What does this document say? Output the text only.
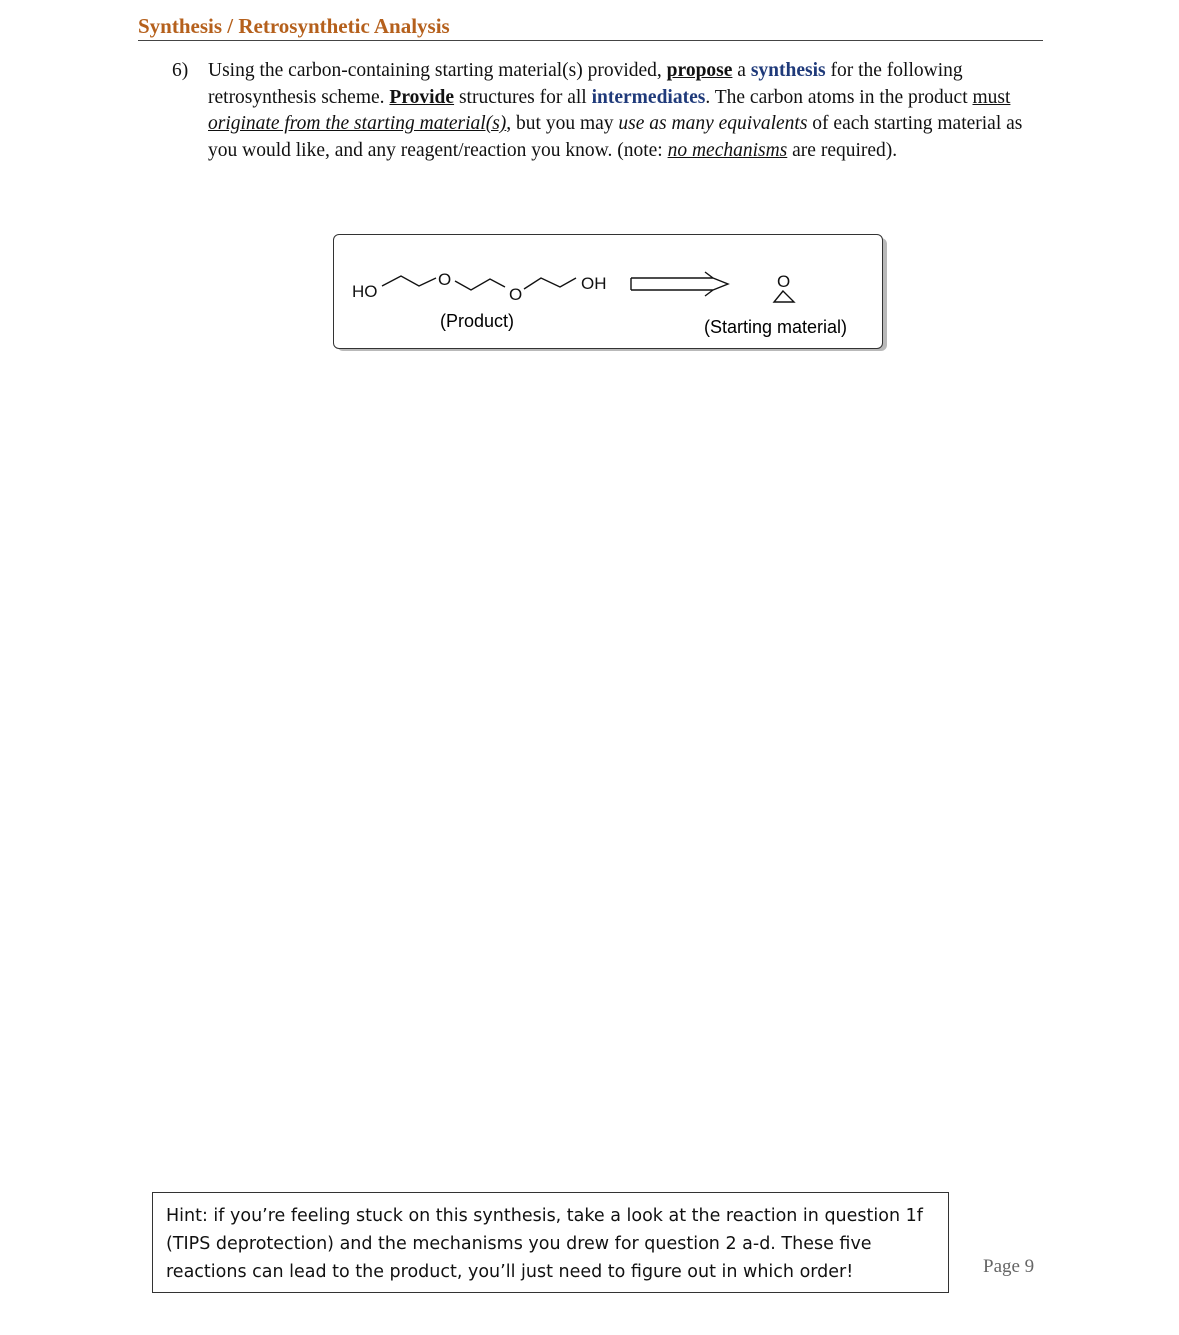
Synthesis / Retrosynthetic Analysis
6) Using the carbon-containing starting material(s) provided, propose a synthesis for the following retrosynthesis scheme. Provide structures for all intermediates. The carbon atoms in the product must originate from the starting material(s), but you may use as many equivalents of each starting material as you would like, and any reagent/reaction you know. (note: no mechanisms are required).
HO
O
O
OH	O
(Product)	(Starting material)
Hint: if you’re feeling stuck on this synthesis, take a look at the reaction in question 1f (TIPS deprotection) and the mechanisms you drew for question 2 a-d. These five reactions can lead to the product, you’ll just need to figure out in which order!	Page 9
